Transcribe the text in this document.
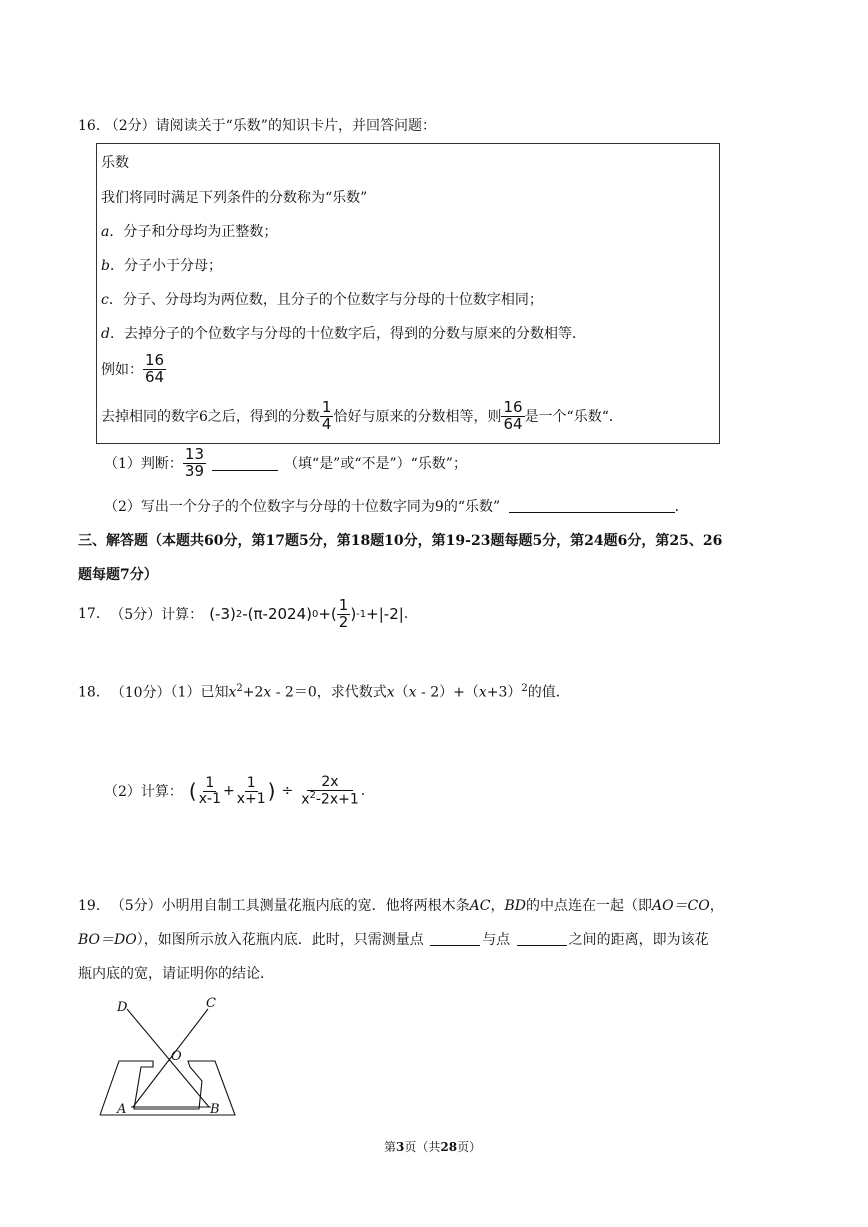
16. （2分）请阅读关于“乐数”的知识卡片，并回答问题：
乐数
我们将同时满足下列条件的分数称为“乐数”
a．分子和分母均为正整数；
b．分子小于分母；
c．分子、分母均为两位数，且分子的个位数字与分母的十位数字相同；
d．去掉分子的个位数字与分母的十位数字后，得到的分数与原来的分数相等．
例如： $\frac{16}{64}$
去掉相同的数字6之后，得到的分数 $\frac{1}{4}$ 恰好与原来的分数相等，则 $\frac{16}{64}$ 是一个“乐数“．
（1）判断： $\frac{13}{39}$	（填“是”或“不是”）“乐数”；
（2）写出一个分子的个位数字与分母的十位数字同为9的“乐数”	．
三、解答题（本题共60分，第17题5分，第18题10分，第19-23题每题5分，第24题6分，第25、26
题每题7分）
17. （5分）计算： (-3) 2 -(π-2024) 0 +( $\frac{1}{2}$ ) -1 +|-2| .
18. （10分）（1）已知$x^2+2x - 2=0$，求代数式$x(x - 2)+(x+3)^2$的值．
（2）计算： ( $\frac{1}{x-1} + \frac{1}{x+1}$ ) ÷ $\frac{2x}{x^2-2x+1}$ .
19. （5分）小明用自制工具测量花瓶内底的宽．他将两根木条AC，BD的中点连在一起（即AO＝CO，
BO＝DO），如图所示放入花瓶内底．此时，只需测量点	与点	之间的距离，即为该花
瓶内底的宽，请证明你的结论．
D	C
O
A	B
第3页（共28页）
